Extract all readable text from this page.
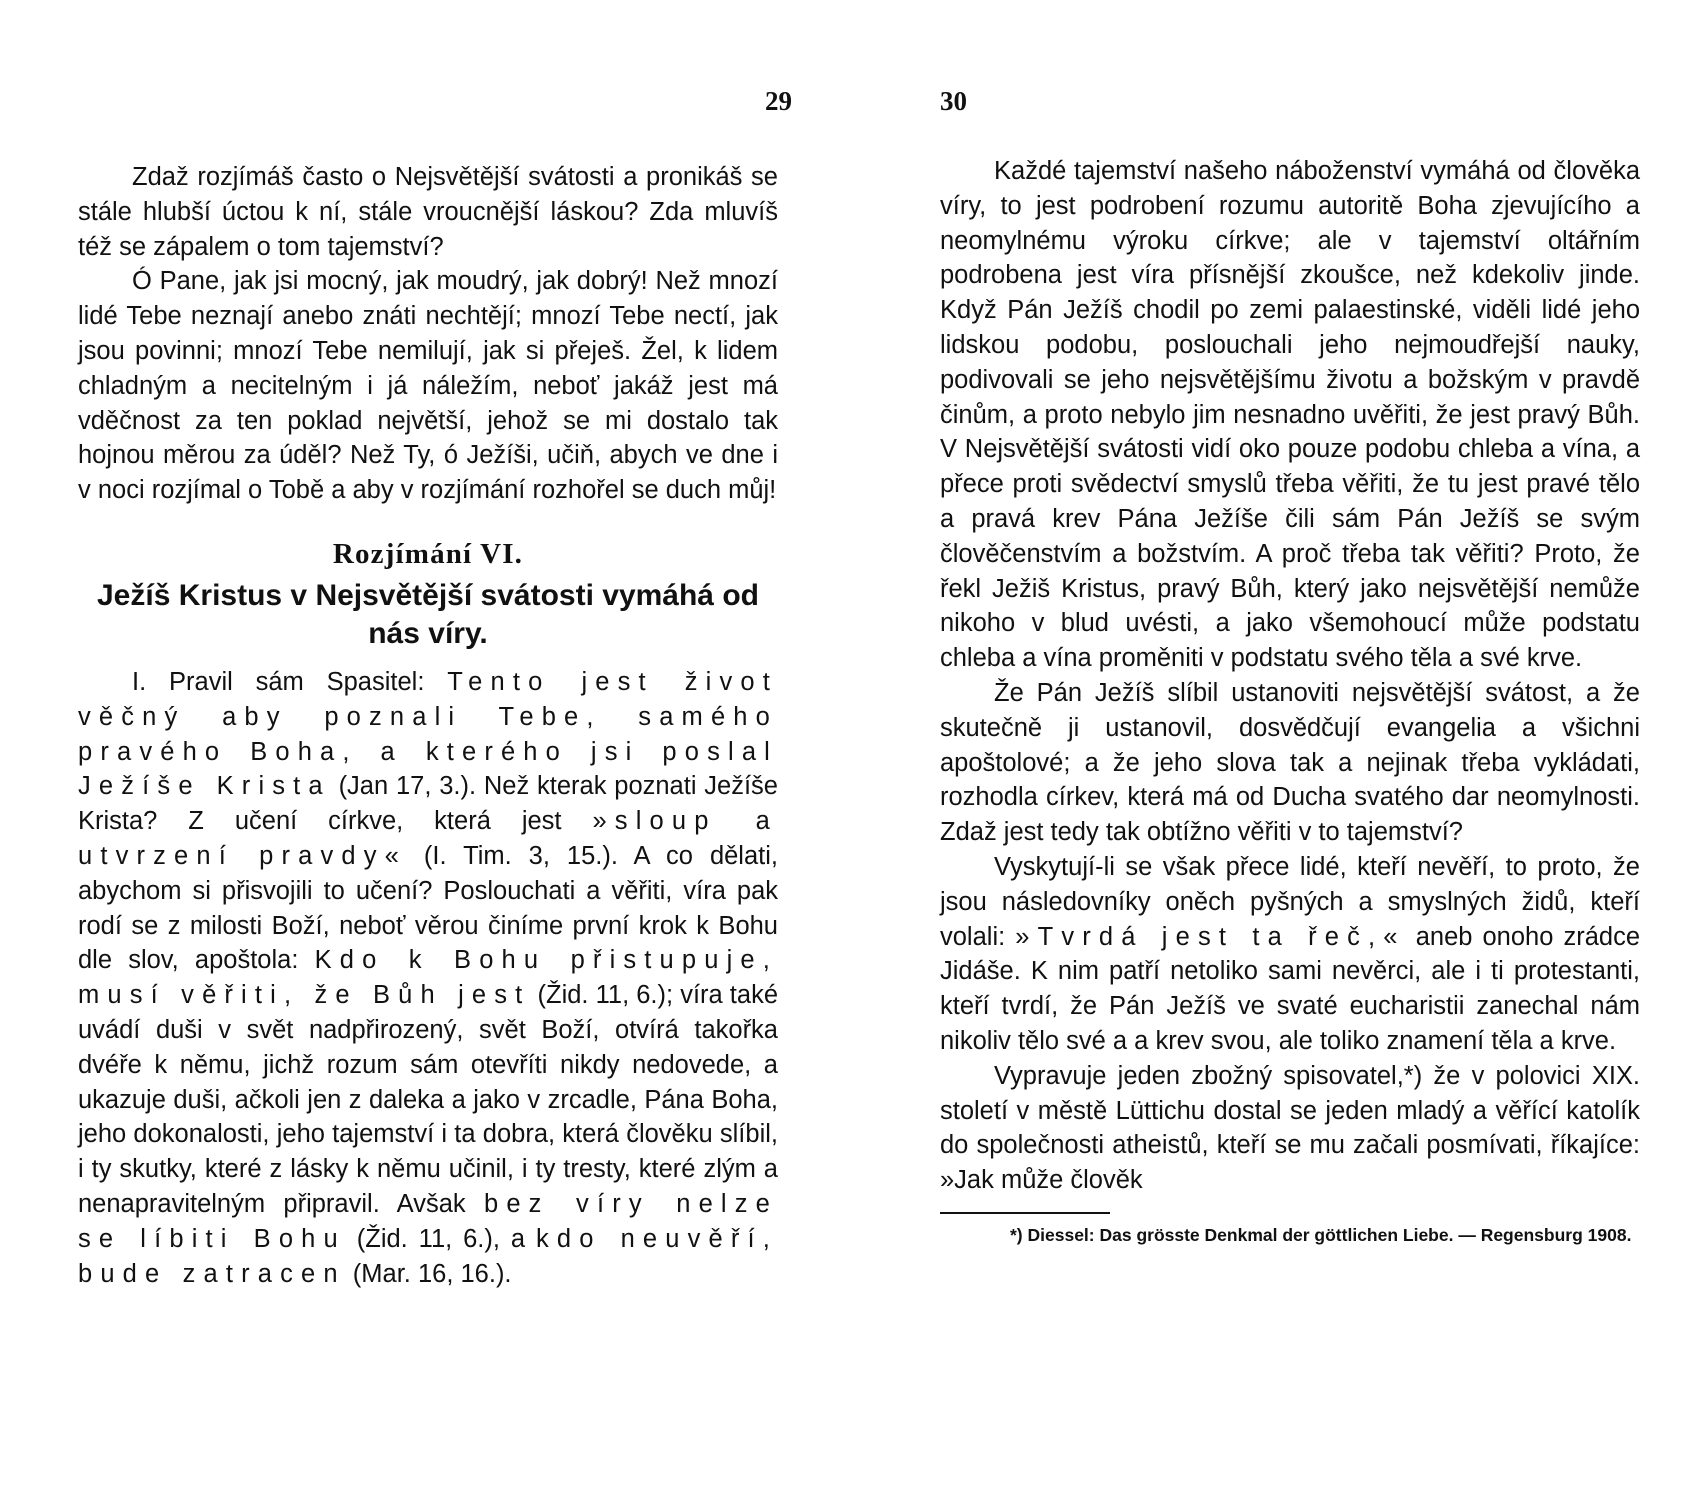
29

Zdaž rozjímáš často o Nejsvětější svátosti a pronikáš se stále hlubší úctou k ní, stále vroucnější láskou? Zda mluvíš též se zápalem o tom tajemství?

Ó Pane, jak jsi mocný, jak moudrý, jak dobrý! Než mnozí lidé Tebe neznají anebo znáti nechtějí; mnozí Tebe nectí, jak jsou povinni; mnozí Tebe nemilují, jak si přeješ. Žel, k lidem chladným a necitelným i já náležím, neboť jakáž jest má vděčnost za ten poklad největší, jehož se mi dostalo tak hojnou měrou za úděl? Než Ty, ó Ježíši, učiň, abych ve dne i v noci rozjímal o Tobě a aby v rozjímání rozhořel se duch můj!

Rozjímání VI.
Ježíš Kristus v Nejsvětější svátosti vymáhá od nás víry.

I. Pravil sám Spasitel: Tento jest život věčný aby poznali Tebe, samého pravého Boha, a kterého jsi poslal Ježíše Krista (Jan 17, 3.). Než kterak poznati Ježíše Krista? Z učení církve, která jest »sloup a utvrzení pravdy« (I. Tim. 3, 15.). A co dělati, abychom si přisvojili to učení? Poslouchati a věřiti, víra pak rodí se z milosti Boží, neboť věrou činíme první krok k Bohu dle slov, apoštola: Kdo k Bohu přistupuje, musí věřiti, že Bůh jest (Žid. 11, 6.); víra také uvádí duši v svět nadpřirozený, svět Boží, otvírá takořka dvéře k němu, jichž rozum sám otevříti nikdy nedovede, a ukazuje duši, ačkoli jen z daleka a jako v zrcadle, Pána Boha, jeho dokonalosti, jeho tajemství i ta dobra, která člověku slíbil, i ty skutky, které z lásky k němu učinil, i ty tresty, které zlým a nenapravitelným připravil. Avšak bez víry nelze se líbiti Bohu (Žid. 11, 6.), a kdo neuvěří, bude zatracen (Mar. 16, 16.).

30

Každé tajemství našeho náboženství vymáhá od člověka víry, to jest podrobení rozumu autoritě Boha zjevujícího a neomylnému výroku církve; ale v tajemství oltářním podrobena jest víra přísnější zkoušce, než kdekoliv jinde. Když Pán Ježíš chodil po zemi palaestinské, viděli lidé jeho lidskou podobu, poslouchali jeho nejmoudřejší nauky, podivovali se jeho nejsvětějšímu životu a božským v pravdě činům, a proto nebylo jim nesnadno uvěřiti, že jest pravý Bůh. V Nejsvětější svátosti vidí oko pouze podobu chleba a vína, a přece proti svědectví smyslů třeba věřiti, že tu jest pravé tělo a pravá krev Pána Ježíše čili sám Pán Ježíš se svým člověčenstvím a božstvím. A proč třeba tak věřiti? Proto, že řekl Ježiš Kristus, pravý Bůh, který jako nejsvětější nemůže nikoho v blud uvésti, a jako všemohoucí může podstatu chleba a vína proměniti v podstatu svého těla a své krve.

Že Pán Ježíš slíbil ustanoviti nejsvětější svátost, a že skutečně ji ustanovil, dosvědčují evangelia a všichni apoštolové; a že jeho slova tak a nejinak třeba vykládati, rozhodla církev, která má od Ducha svatého dar neomylnosti. Zdaž jest tedy tak obtížno věřiti v to tajemství?

Vyskytují-li se však přece lidé, kteří nevěří, to proto, že jsou následovníky oněch pyšných a smyslných židů, kteří volali: »Tvrdá jest ta řeč,« aneb onoho zrádce Jidáše. K nim patří netoliko sami nevěrci, ale i ti protestanti, kteří tvrdí, že Pán Ježíš ve svaté eucharistii zanechal nám nikoliv tělo své a a krev svou, ale toliko znamení těla a krve.

Vypravuje jeden zbožný spisovatel,*) že v polovici XIX. století v městě Lüttichu dostal se jeden mladý a věřící katolík do společnosti atheistů, kteří se mu začali posmívati, říkajíce: »Jak může člověk

*) Diessel: Das grösste Denkmal der göttlichen Liebe. — Regensburg 1908.
